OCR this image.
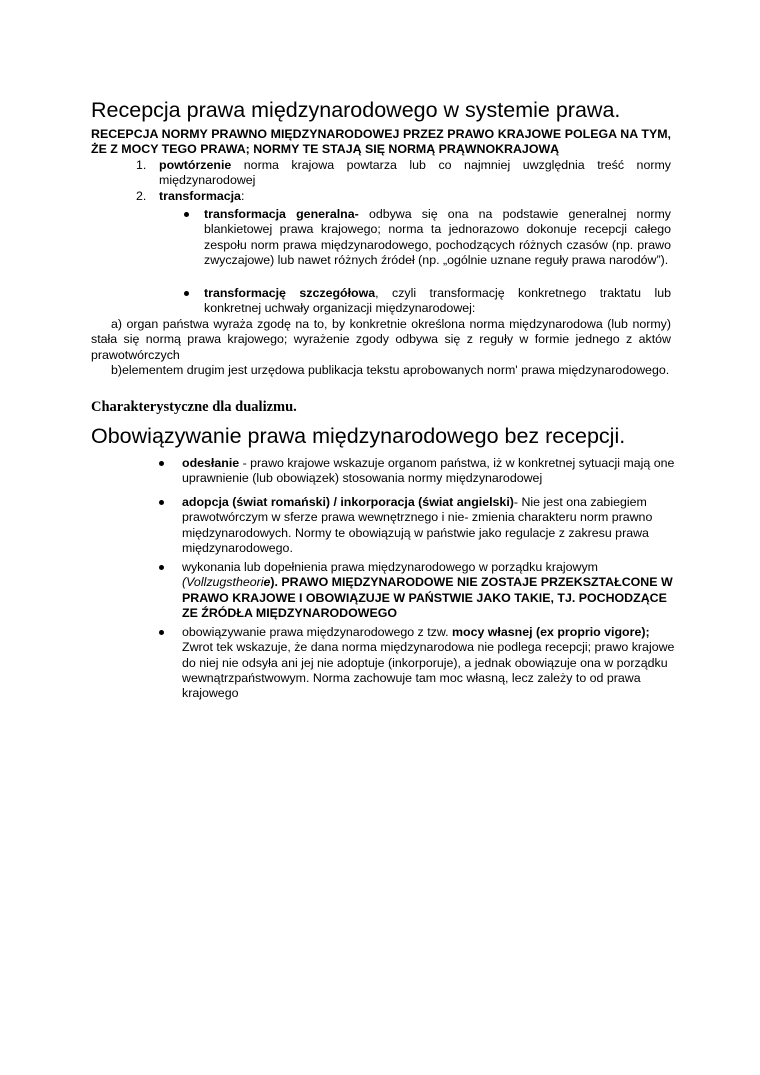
Recepcja prawa międzynarodowego w systemie prawa.
RECEPCJA NORMY PRAWNO MIĘDZYNARODOWEJ PRZEZ PRAWO KRAJOWE POLEGA NA TYM, ŻE Z MOCY TEGO PRAWA; NORMY TE STAJĄ SIĘ NORMĄ PRĄWNOKRAJOWĄ
1. powtórzenie norma krajowa powtarza lub co najmniej uwzględnia treść normy międzynarodowej
2. transformacja:
transformacja generalna- odbywa się ona na podstawie generalnej normy blankietowej prawa krajowego; norma ta jednorazowo dokonuje recepcji całego zespołu norm prawa międzynarodowego, pochodzących różnych czasów (np. prawo zwyczajowe) lub nawet różnych źródeł (np. „ogólnie uznane reguły prawa narodów”).
transformację szczegółowa, czyli transformację konkretnego traktatu lub konkretnej uchwały organizacji międzynarodowej:
a) organ państwa wyraża zgodę na to, by konkretnie określona norma międzynarodowa (lub normy) stała się normą prawa krajowego; wyrażenie zgody odbywa się z reguły w formie jednego z aktów prawotwórczych
b)elementem drugim jest urzędowa publikacja tekstu aprobowanych norm' prawa międzynarodowego.
Charakterystyczne dla dualizmu.
Obowiązywanie prawa międzynarodowego bez recepcji.
odesłanie - prawo krajowe wskazuje organom państwa, iż w konkretnej sytuacji mają one uprawnienie (lub obowiązek) stosowania normy międzynarodowej
adopcja (świat romański) / inkorporacja (świat angielski)- Nie jest ona zabiegiem prawotwórczym w sferze prawa wewnętrznego i nie- zmienia charakteru norm prawno międzynarodowych. Normy te obowiązują w państwie jako regulacje z zakresu prawa międzynarodowego.
wykonania lub dopełnienia prawa międzynarodowego w porządku krajowym (Vollzugstheorie). PRAWO MIĘDZYNARODOWE NIE ZOSTAJE PRZEKSZTAŁCONE W PRAWO KRAJOWE I OBOWIĄZUJE W PAŃSTWIE JAKO TAKIE, TJ. POCHODZĄCE ZE ŹRÓDŁA MIĘDZYNARODOWEGO
obowiązywanie prawa międzynarodowego z tzw. mocy własnej (ex proprio vigore); Zwrot tek wskazuje, że dana norma międzynarodowa nie podlega recepcji; prawo krajowe do niej nie odsyła ani jej nie adoptuje (inkorporuje), a jednak obowiązuje ona w porządku wewnątrzpaństwowym. Norma zachowuje tam moc własną, lecz zależy to od prawa krajowego
